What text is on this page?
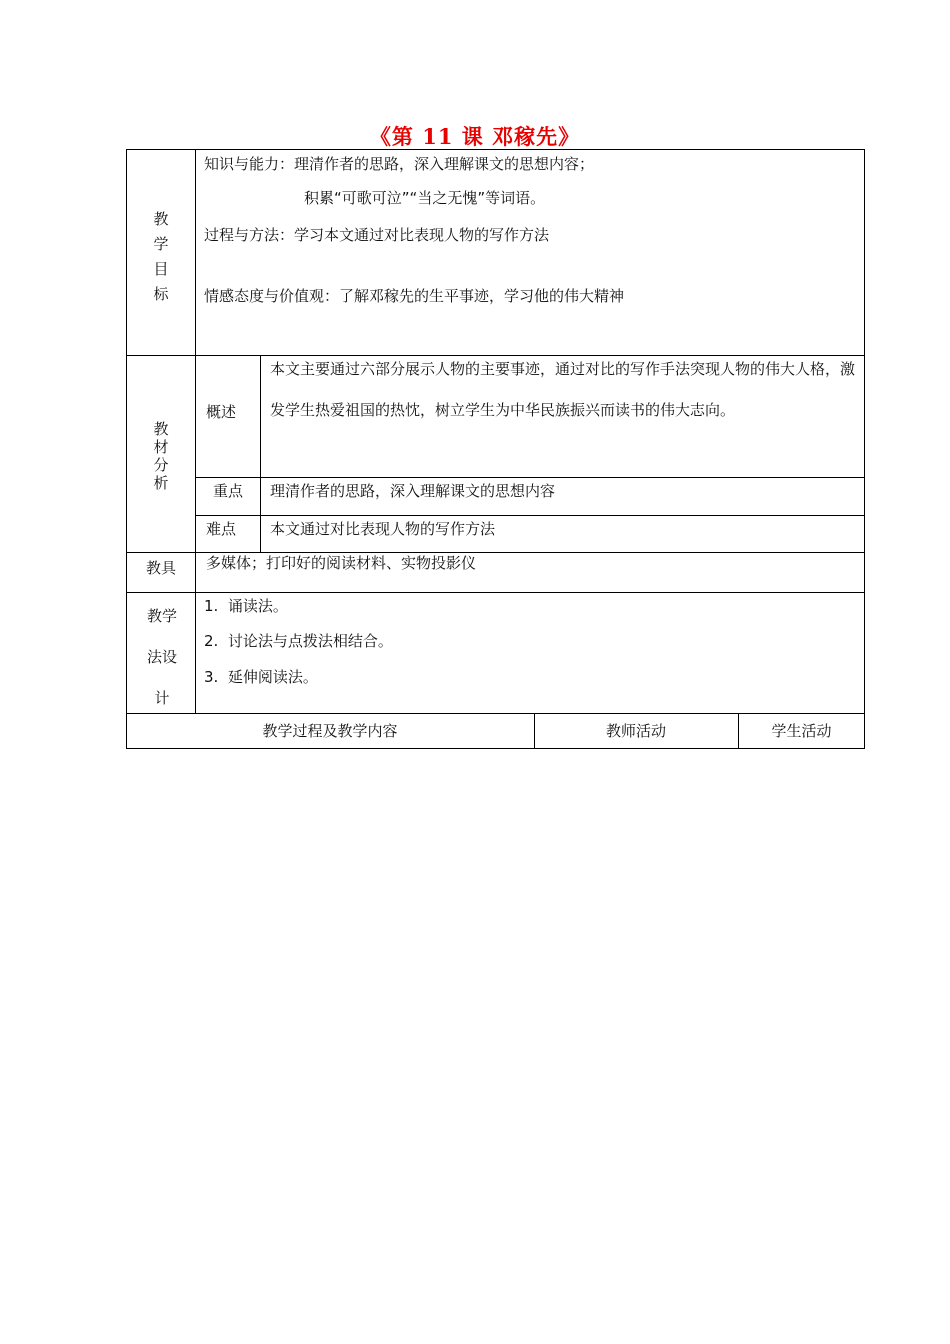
《第 11 课 邓稼先》
教
学
目
标
知识与能力：理清作者的思路，深入理解课文的思想内容；
积累“可歌可泣”“当之无愧”等词语。
过程与方法：学习本文通过对比表现人物的写作方法
情感态度与价值观：了解邓稼先的生平事迹，学习他的伟大精神
教
材
分
析
概述
本文主要通过六部分展示人物的主要事迹，通过对比的写作手法突现人物的伟大人格，激发学生热爱祖国的热忱，树立学生为中华民族振兴而读书的伟大志向。
重点 理清作者的思路，深入理解课文的思想内容
难点 本文通过对比表现人物的写作方法
教具 多媒体；打印好的阅读材料、实物投影仪
教学
法设
计
1.  诵读法。
2.  讨论法与点拨法相结合。
3.  延伸阅读法。
教学过程及教学内容	教师活动	学生活动
